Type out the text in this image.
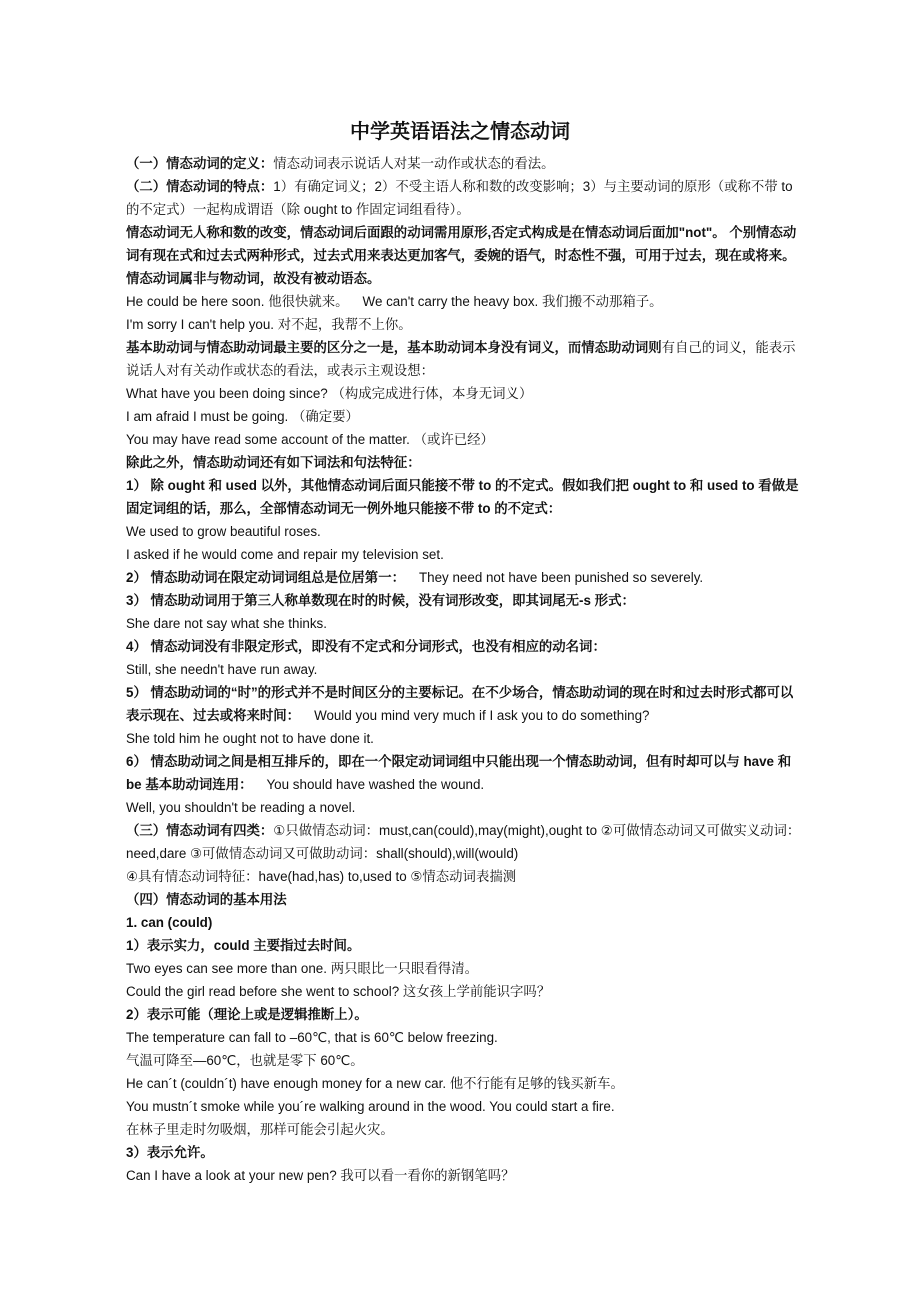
中学英语语法之情态动词

（一）情态动词的定义：情态动词表示说话人对某一动作或状态的看法。

（二）情态动词的特点：1）有确定词义；2）不受主语人称和数的改变影响；3）与主要动词的原形（或称不带 to 的不定式）一起构成谓语（除 ought to 作固定词组看待）。

情态动词无人称和数的改变，情态动词后面跟的动词需用原形,否定式构成是在情态动词后面加"not"。 个别情态动词有现在式和过去式两种形式，过去式用来表达更加客气，委婉的语气，时态性不强，可用于过去，现在或将来。情态动词属非与物动词，故没有被动语态。

He could be here soon. 他很快就来。 We can't carry the heavy box. 我们搬不动那箱子。

I'm sorry I can't help you. 对不起，我帮不上你。

基本助动词与情态助动词最主要的区分之一是，基本助动词本身没有词义，而情态助动词则有自己的词义，能表示说话人对有关动作或状态的看法，或表示主观设想：

What have you been doing since? （构成完成进行体，本身无词义）

I am afraid I must be going. （确定要）

You may have read some account of the matter. （或许已经）

除此之外，情态助动词还有如下词法和句法特征：

1） 除 ought 和 used 以外，其他情态动词后面只能接不带 to 的不定式。假如我们把 ought to 和 used to 看做是固定词组的话，那么，全部情态动词无一例外地只能接不带 to 的不定式：

We used to grow beautiful roses.

I asked if he would come and repair my television set.

2） 情态助动词在限定动词词组总是位居第一： They need not have been punished so severely.

3） 情态助动词用于第三人称单数现在时的时候，没有词形改变，即其词尾无-s 形式：

She dare not say what she thinks.

4） 情态动词没有非限定形式，即没有不定式和分词形式，也没有相应的动名词：

Still, she needn't have run away.

5） 情态助动词的“时”的形式并不是时间区分的主要标记。在不少场合，情态助动词的现在时和过去时形式都可以表示现在、过去或将来时间： Would you mind very much if I ask you to do something?

She told him he ought not to have done it.

6） 情态助动词之间是相互排斥的，即在一个限定动词词组中只能出现一个情态助动词，但有时却可以与 have 和 be 基本助动词连用： You should have washed the wound.

Well, you shouldn't be reading a novel.

（三）情态动词有四类：①只做情态动词：must,can(could),may(might),ought to ②可做情态动词又可做实义动词：need,dare ③可做情态动词又可做助动词：shall(should),will(would)

④具有情态动词特征：have(had,has) to,used to ⑤情态动词表揣测

（四）情态动词的基本用法

1. can (could)

1）表示实力，could 主要指过去时间。

Two eyes can see more than one. 两只眼比一只眼看得清。

Could the girl read before she went to school? 这女孩上学前能识字吗？

2）表示可能（理论上或是逻辑推断上）。

The temperature can fall to –60℃, that is 60℃ below freezing.

气温可降至—60℃，也就是零下 60℃。

He can´t (couldn´t) have enough money for a new car. 他不行能有足够的钱买新车。

You mustn´t smoke while you´re walking around in the wood. You could start a fire.

在林子里走时勿吸烟，那样可能会引起火灾。

3）表示允许。

Can I have a look at your new pen? 我可以看一看你的新钢笔吗？
